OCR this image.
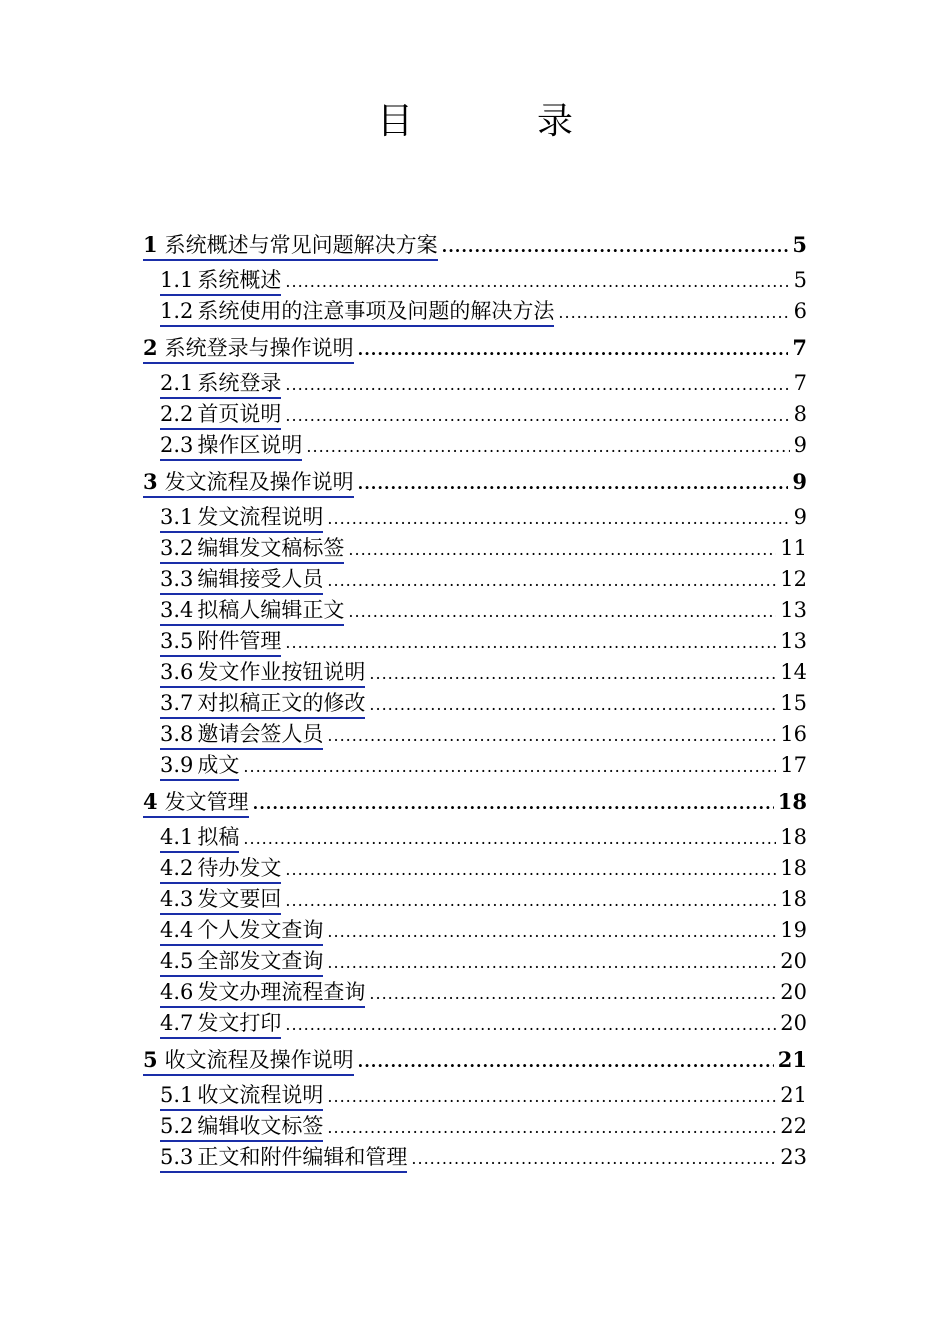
目　录
1 系统概述与常见问题解决方案 .....	5
1.1 系统概述 .....	5
1.2 系统使用的注意事项及问题的解决方法 .....	6
2 系统登录与操作说明 .....	7
2.1 系统登录 .....	7
2.2 首页说明 .....	8
2.3 操作区说明 .....	9
3 发文流程及操作说明 .....	9
3.1 发文流程说明 .....	9
3.2 编辑发文稿标签 .....	11
3.3 编辑接受人员 .....	12
3.4 拟稿人编辑正文 .....	13
3.5 附件管理 .....	13
3.6 发文作业按钮说明 .....	14
3.7 对拟稿正文的修改 .....	15
3.8 邀请会签人员 .....	16
3.9 成文 .....	17
4 发文管理 .....	18
4.1 拟稿 .....	18
4.2 待办发文 .....	18
4.3 发文要回 .....	18
4.4 个人发文查询 .....	19
4.5 全部发文查询 .....	20
4.6 发文办理流程查询 .....	20
4.7 发文打印 .....	20
5 收文流程及操作说明 .....	21
5.1 收文流程说明 .....	21
5.2 编辑收文标签 .....	22
5.3 正文和附件编辑和管理 .....	23
